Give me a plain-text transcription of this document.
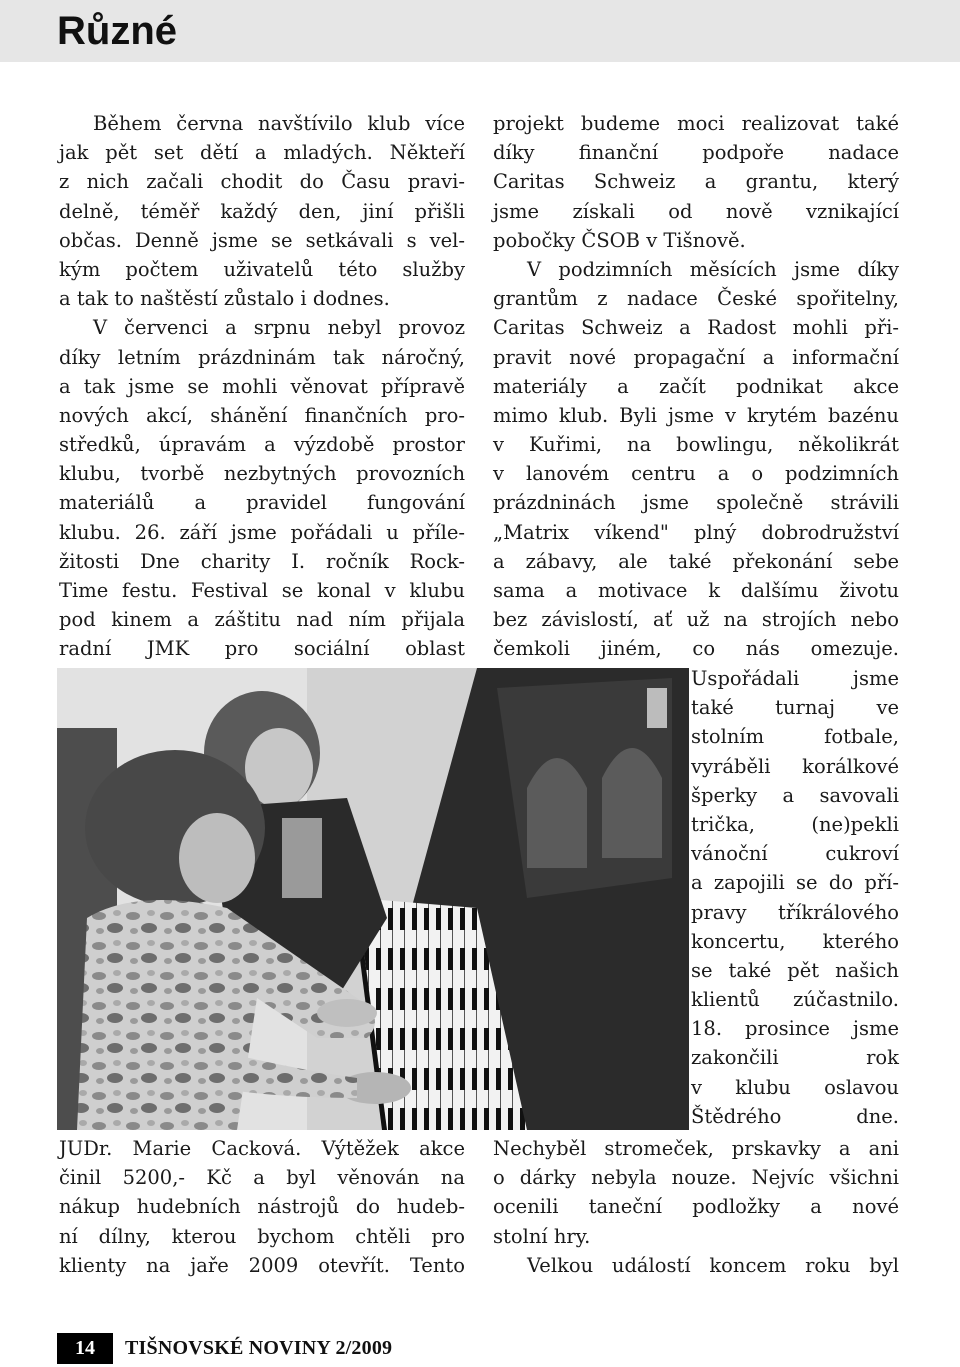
Různé
Během června navštívilo klub více
jak pět set dětí a mladých. Někteří
z nich začali chodit do Času pravi-
delně, téměř každý den, jiní přišli
občas. Denně jsme se setkávali s vel-
kým počtem uživatelů této služby
a tak to naštěstí zůstalo i dodnes.
V červenci a srpnu nebyl provoz
díky letním prázdninám tak náročný,
a tak jsme se mohli věnovat přípravě
nových akcí, shánění finančních pro-
středků, úpravám a výzdobě prostor
klubu, tvorbě nezbytných provozních
materiálů a pravidel fungování
klubu. 26. září jsme pořádali u příle-
žitosti Dne charity I. ročník Rock-
Time festu. Festival se konal v klubu
pod kinem a záštitu nad ním přijala
radní JMK pro sociální oblast
JUDr. Marie Cacková. Výtěžek akce
činil 5200,- Kč a byl věnován na
nákup hudebních nástrojů do hudeb-
ní dílny, kterou bychom chtěli pro
klienty na jaře 2009 otevřít. Tento
projekt budeme moci realizovat také
díky finanční podpoře nadace
Caritas Schweiz a grantu, který
jsme získali od nově vznikající
pobočky ČSOB v Tišnově.
V podzimních měsících jsme díky
grantům z nadace České spořitelny,
Caritas Schweiz a Radost mohli při-
pravit nové propagační a informační
materiály a začít podnikat akce
mimo klub. Byli jsme v krytém bazénu
v Kuřimi, na bowlingu, několikrát
v lanovém centru a o podzimních
prázdninách jsme společně strávili
„Matrix víkend" plný dobrodružství
a zábavy, ale také překonání sebe
sama a motivace k dalšímu životu
bez závislostí, ať už na strojích nebo
čemkoli jiném, co nás omezuje.
Uspořádali jsme
také turnaj ve
stolním fotbale,
vyráběli korálkové
šperky a savovali
trička, (ne)pekli
vánoční cukroví
a zapojili se do pří-
pravy tříkrálového
koncertu, kterého
se také pět našich
klientů zúčastnilo.
18. prosince jsme
zakončili rok
v klubu oslavou
Štědrého dne.
Nechyběl stromeček, prskavky a ani
o dárky nebyla nouze. Nejvíc všichni
ocenili taneční podložky a nové
stolní hry.
Velkou událostí koncem roku byl
14	TIŠNOVSKÉ NOVINY 2/2009
